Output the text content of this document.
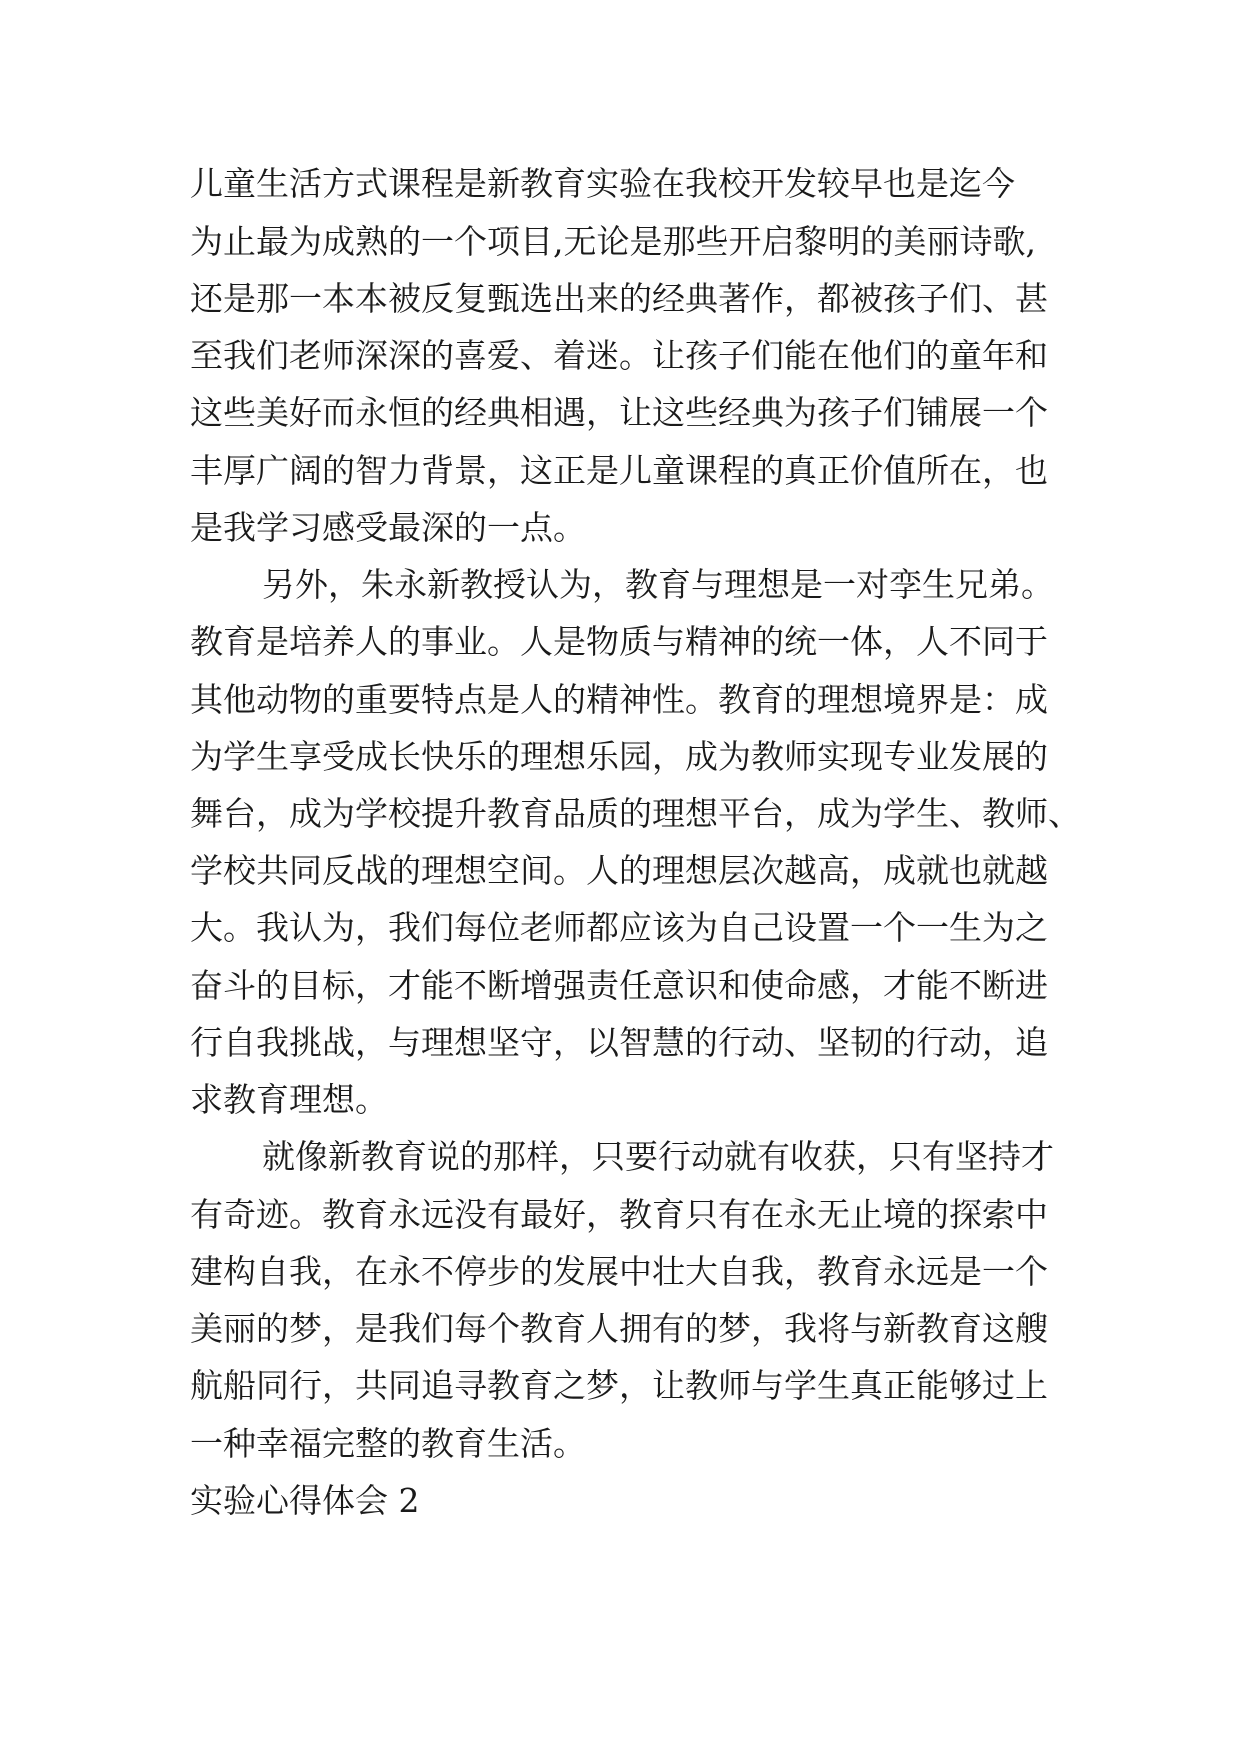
儿童生活方式课程是新教育实验在我校开发较早也是迄今
为止最为成熟的一个项目,无论是那些开启黎明的美丽诗歌,
还是那一本本被反复甄选出来的经典著作，都被孩子们、甚
至我们老师深深的喜爱、着迷。让孩子们能在他们的童年和
这些美好而永恒的经典相遇，让这些经典为孩子们铺展一个
丰厚广阔的智力背景，这正是儿童课程的真正价值所在，也
是我学习感受最深的一点。
另外，朱永新教授认为，教育与理想是一对孪生兄弟。
教育是培养人的事业。人是物质与精神的统一体，人不同于
其他动物的重要特点是人的精神性。教育的理想境界是：成
为学生享受成长快乐的理想乐园，成为教师实现专业发展的
舞台，成为学校提升教育品质的理想平台，成为学生、教师、
学校共同反战的理想空间。人的理想层次越高，成就也就越
大。我认为，我们每位老师都应该为自己设置一个一生为之
奋斗的目标，才能不断增强责任意识和使命感，才能不断进
行自我挑战，与理想坚守，以智慧的行动、坚韧的行动，追
求教育理想。
就像新教育说的那样，只要行动就有收获，只有坚持才
有奇迹。教育永远没有最好，教育只有在永无止境的探索中
建构自我，在永不停步的发展中壮大自我，教育永远是一个
美丽的梦，是我们每个教育人拥有的梦，我将与新教育这艘
航船同行，共同追寻教育之梦，让教师与学生真正能够过上
一种幸福完整的教育生活。
实验心得体会 2
